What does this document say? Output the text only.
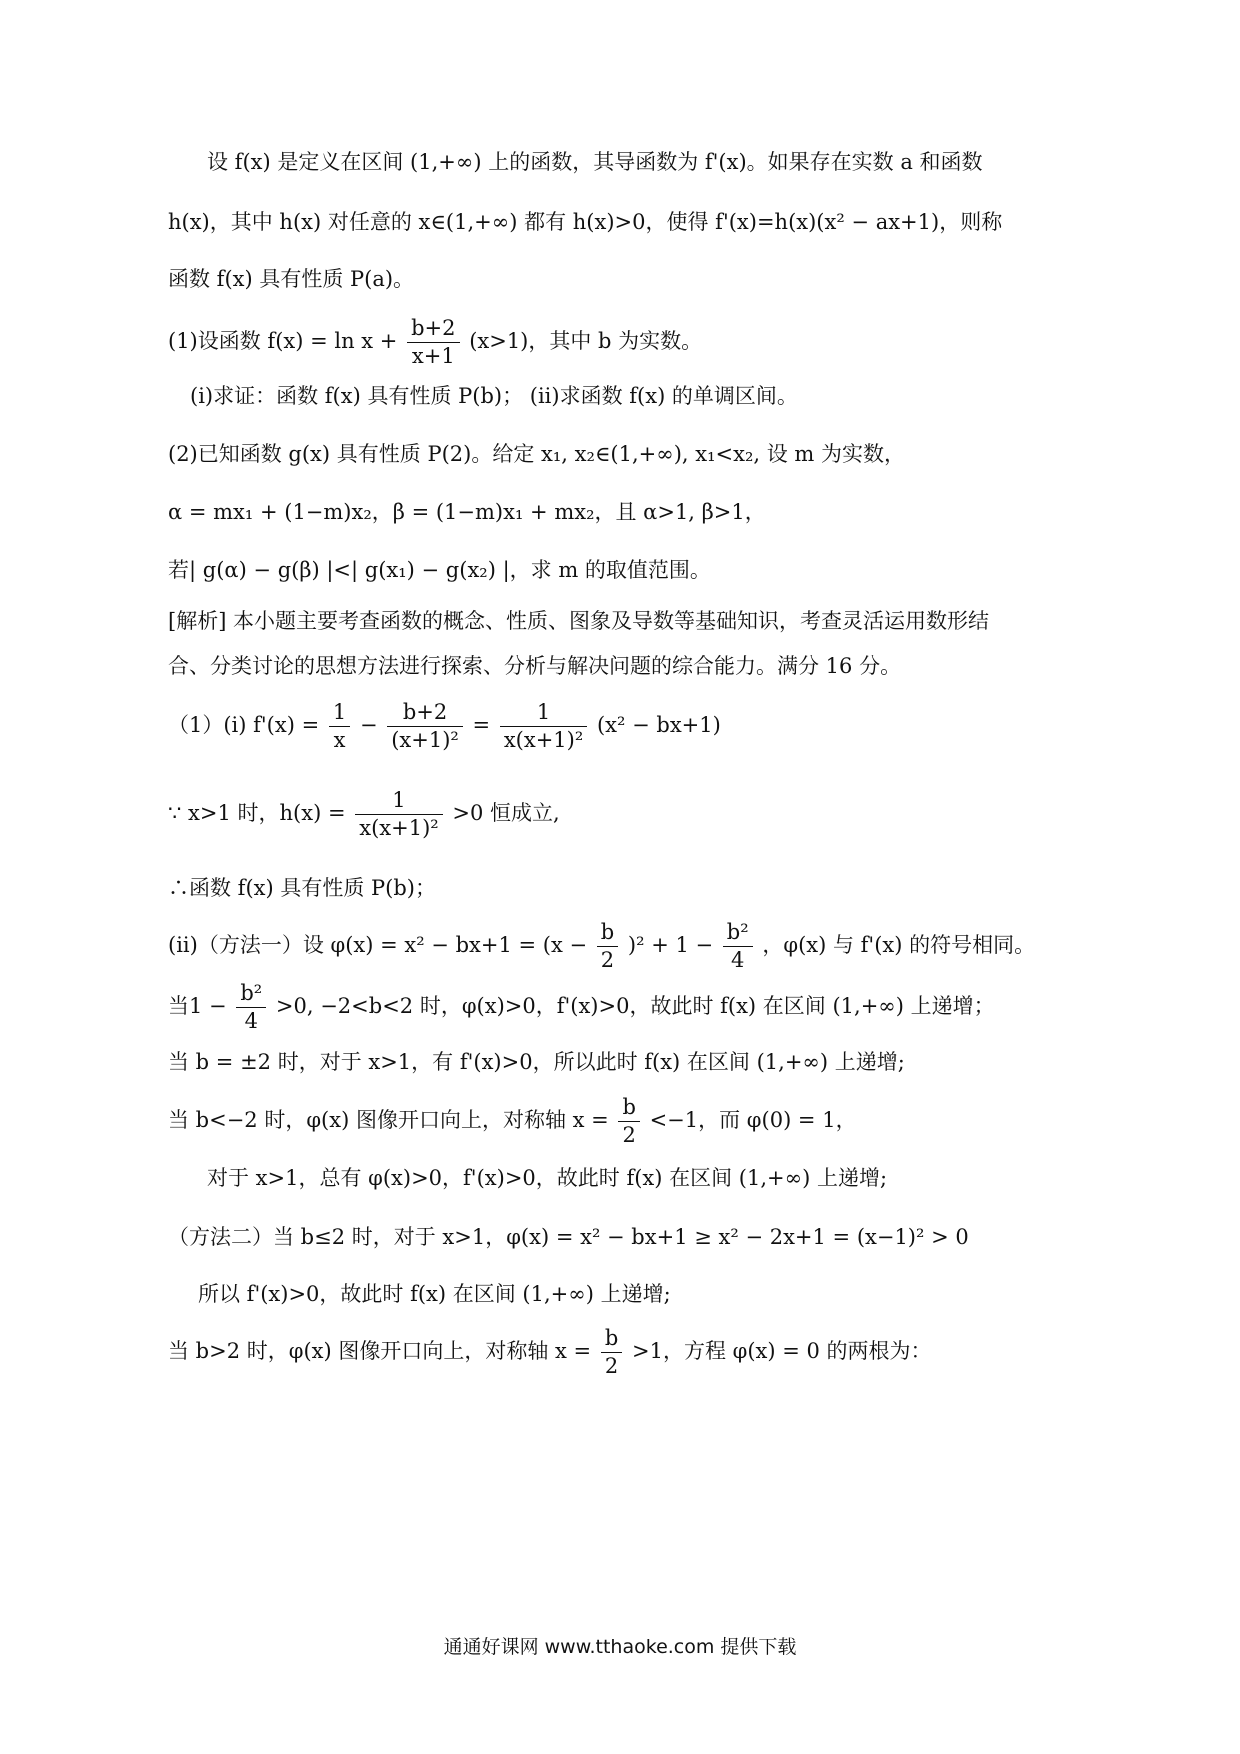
设 f(x) 是定义在区间 (1,+∞) 上的函数，其导函数为 f'(x)。如果存在实数 a 和函数
h(x)，其中 h(x) 对任意的 x∈(1,+∞) 都有 h(x)>0，使得 f'(x)=h(x)(x² − ax+1)，则称
函数 f(x) 具有性质 P(a)。
(1)设函数 $f(x) = \ln x + \frac{b+2}{x+1} (x>1)$，其中 b 为实数。
(i)求证：函数 f(x) 具有性质 P(b)； (ii)求函数 f(x) 的单调区间。
(2)已知函数 g(x) 具有性质 P(2)。给定 x₁, x₂∈(1,+∞), x₁<x₂, 设 m 为实数，
α = mx₁ + (1−m)x₂，β = (1−m)x₁ + mx₂，且 α>1, β>1，
若| g(α) − g(β) |<| g(x₁) − g(x₂) |，求 m 的取值范围。
[解析] 本小题主要考查函数的概念、性质、图象及导数等基础知识，考查灵活运用数形结
合、分类讨论的思想方法进行探索、分析与解决问题的综合能力。满分 16 分。
（1）(i) $f'(x) = \frac{1}{x} - \frac{b+2}{\text{(x+1)²}} = \frac{1}{\text{x(x+1)²}} (x^2 - bx+1)$
∵ x>1 时，$h(x) = \frac{1}{\text{x(x+1)²}} >0$ 恒成立,
∴函数 f(x) 具有性质 P(b)；
(ii)（方法一）设 $\varphi(x) = x^2 - bx+1 = (x - \frac{b}{2} )^2 + 1 - \frac{\text{b²}}{4}$ ，φ(x) 与 f'(x) 的符号相同。
当$1 - \frac{\text{b²}}{4} >0$, −2<b<2 时，φ(x)>0，f'(x)>0，故此时 f(x) 在区间 (1,+∞) 上递增；
当 b = ±2 时，对于 x>1，有 f'(x)>0，所以此时 f(x) 在区间 (1,+∞) 上递增;
当 b<−2 时，φ(x) 图像开口向上，对称轴 $x = \frac{b}{2} <-1$，而 φ(0) = 1，
对于 x>1，总有 φ(x)>0，f'(x)>0，故此时 f(x) 在区间 (1,+∞) 上递增;
（方法二）当 b≤2 时，对于 x>1，φ(x) = x² − bx+1 ≥ x² − 2x+1 = (x−1)² > 0
所以 f'(x)>0，故此时 f(x) 在区间 (1,+∞) 上递增;
当 b>2 时，φ(x) 图像开口向上，对称轴 $x = \frac{b}{2} >1$，方程 φ(x) = 0 的两根为：
通通好课网 www.tthaoke.com 提供下载
